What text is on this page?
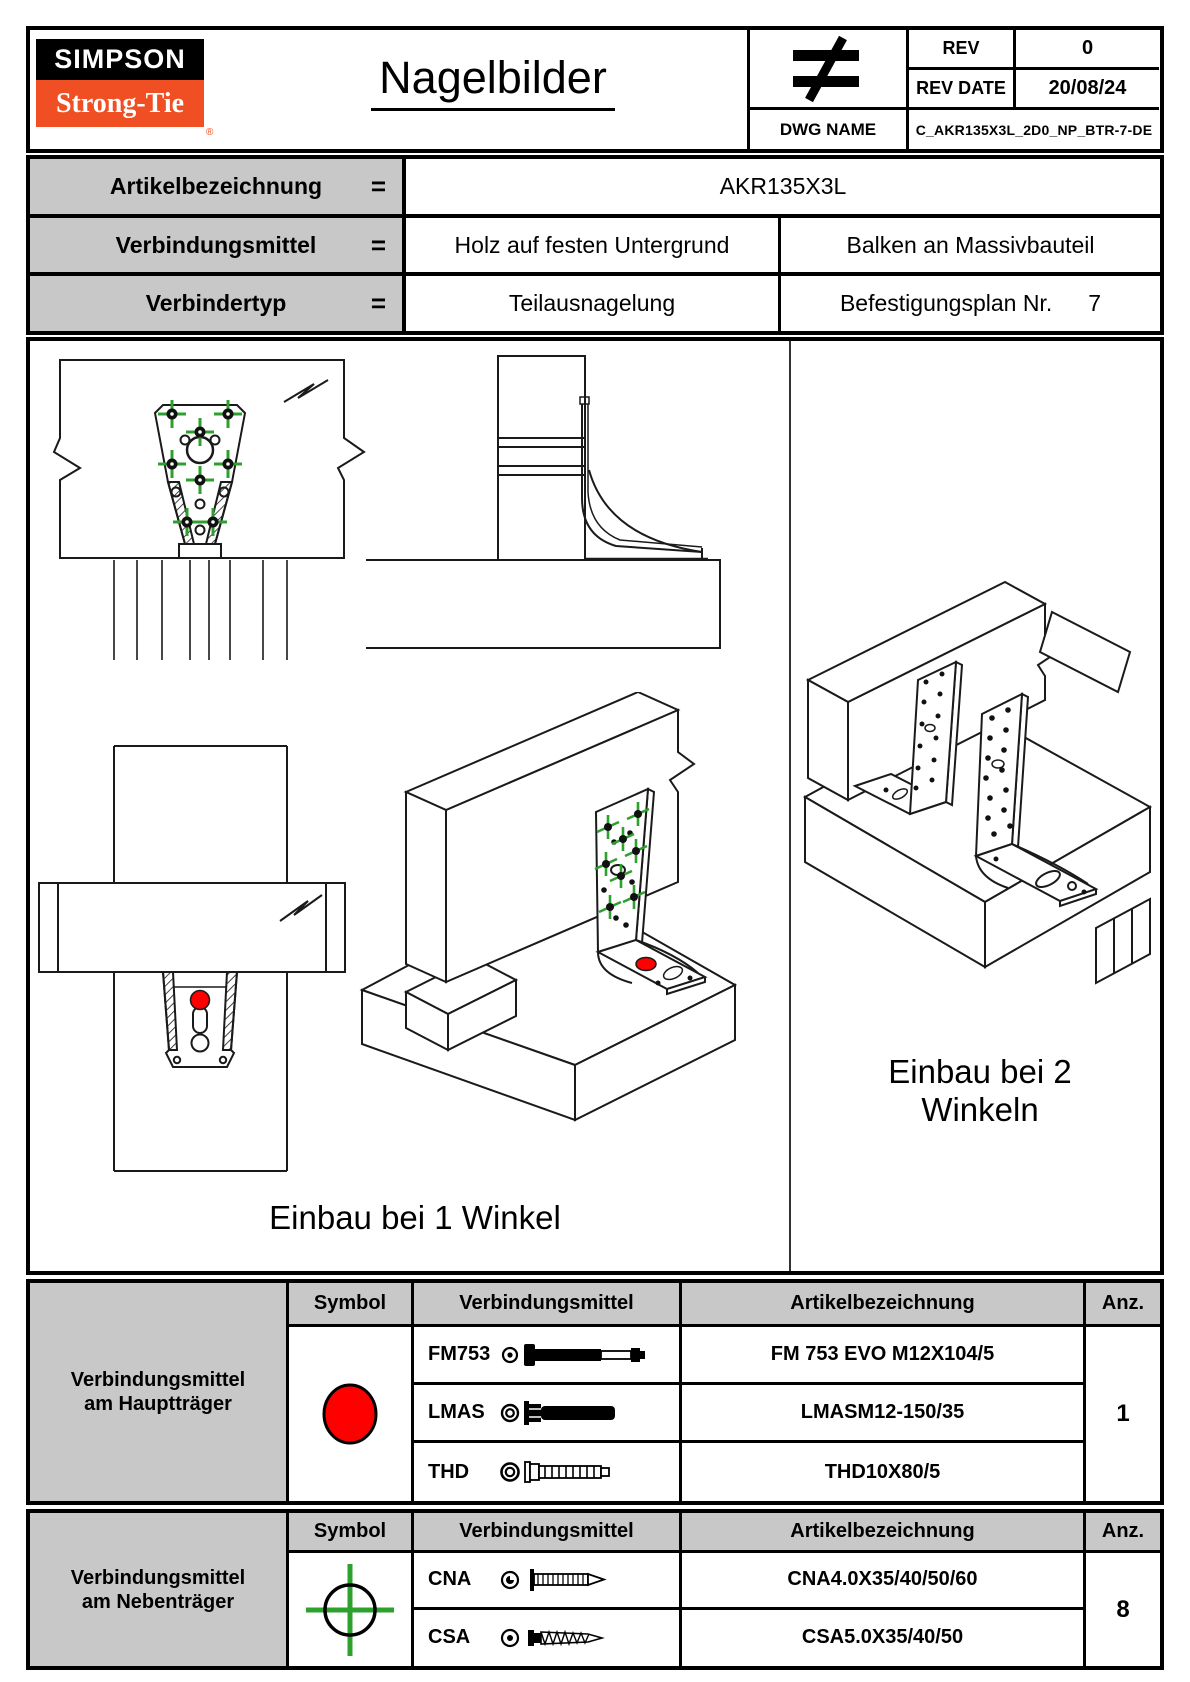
SIMPSON
Strong-Tie
®
Nagelbilder
REV	0
REV DATE	20/08/24
DWG NAME	C_AKR135X3L_2D0_NP_BTR-7-DE
Artikelbezeichnung =	AKR135X3L
Verbindungsmittel =	Holz auf festen Untergrund	Balken an Massivbauteil
Verbindertyp	=	Teilausnagelung	Befestigungsplan Nr. 7
Einbau bei 1 Winkel
Einbau bei 2 Winkeln
Verbindungsmittel am Hauptträger
Symbol	Verbindungsmittel	Artikelbezeichnung	Anz.
FM753	FM 753 EVO M12X104/5
LMAS	LMASM12-150/35
THD	THD10X80/5
1
Verbindungsmittel am Nebenträger
Symbol	Verbindungsmittel	Artikelbezeichnung	Anz.
CNA	CNA4.0X35/40/50/60
CSA	CSA5.0X35/40/50
8
